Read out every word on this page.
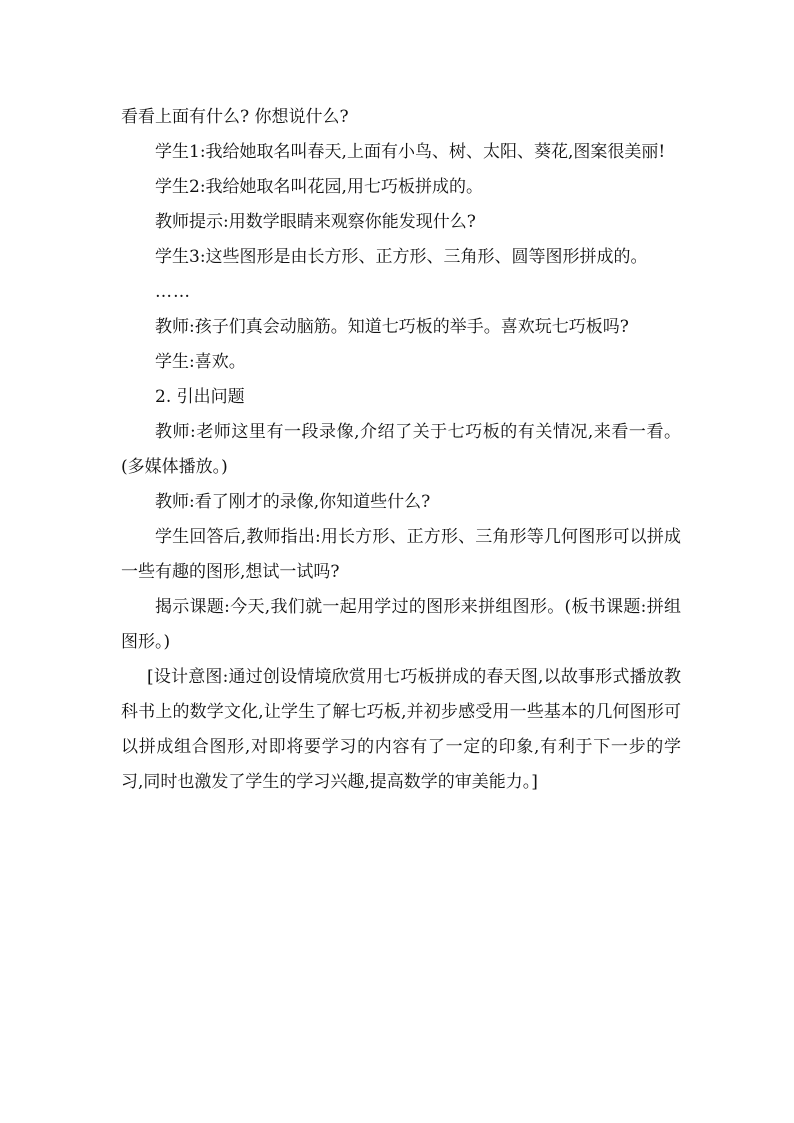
看看上面有什么? 你想说什么?

学生1:我给她取名叫春天,上面有小鸟、树、太阳、葵花,图案很美丽!

学生2:我给她取名叫花园,用七巧板拼成的。

教师提示:用数学眼睛来观察你能发现什么?

学生3:这些图形是由长方形、正方形、三角形、圆等图形拼成的。

……

教师:孩子们真会动脑筋。知道七巧板的举手。喜欢玩七巧板吗?

学生:喜欢。

2. 引出问题

教师:老师这里有一段录像,介绍了关于七巧板的有关情况,来看一看。(多媒体播放。)

教师:看了刚才的录像,你知道些什么?

学生回答后,教师指出:用长方形、正方形、三角形等几何图形可以拼成一些有趣的图形,想试一试吗?

揭示课题:今天,我们就一起用学过的图形来拼组图形。(板书课题:拼组图形。)

[设计意图:通过创设情境欣赏用七巧板拼成的春天图,以故事形式播放教科书上的数学文化,让学生了解七巧板,并初步感受用一些基本的几何图形可以拼成组合图形,对即将要学习的内容有了一定的印象,有利于下一步的学习,同时也激发了学生的学习兴趣,提高数学的审美能力。]
